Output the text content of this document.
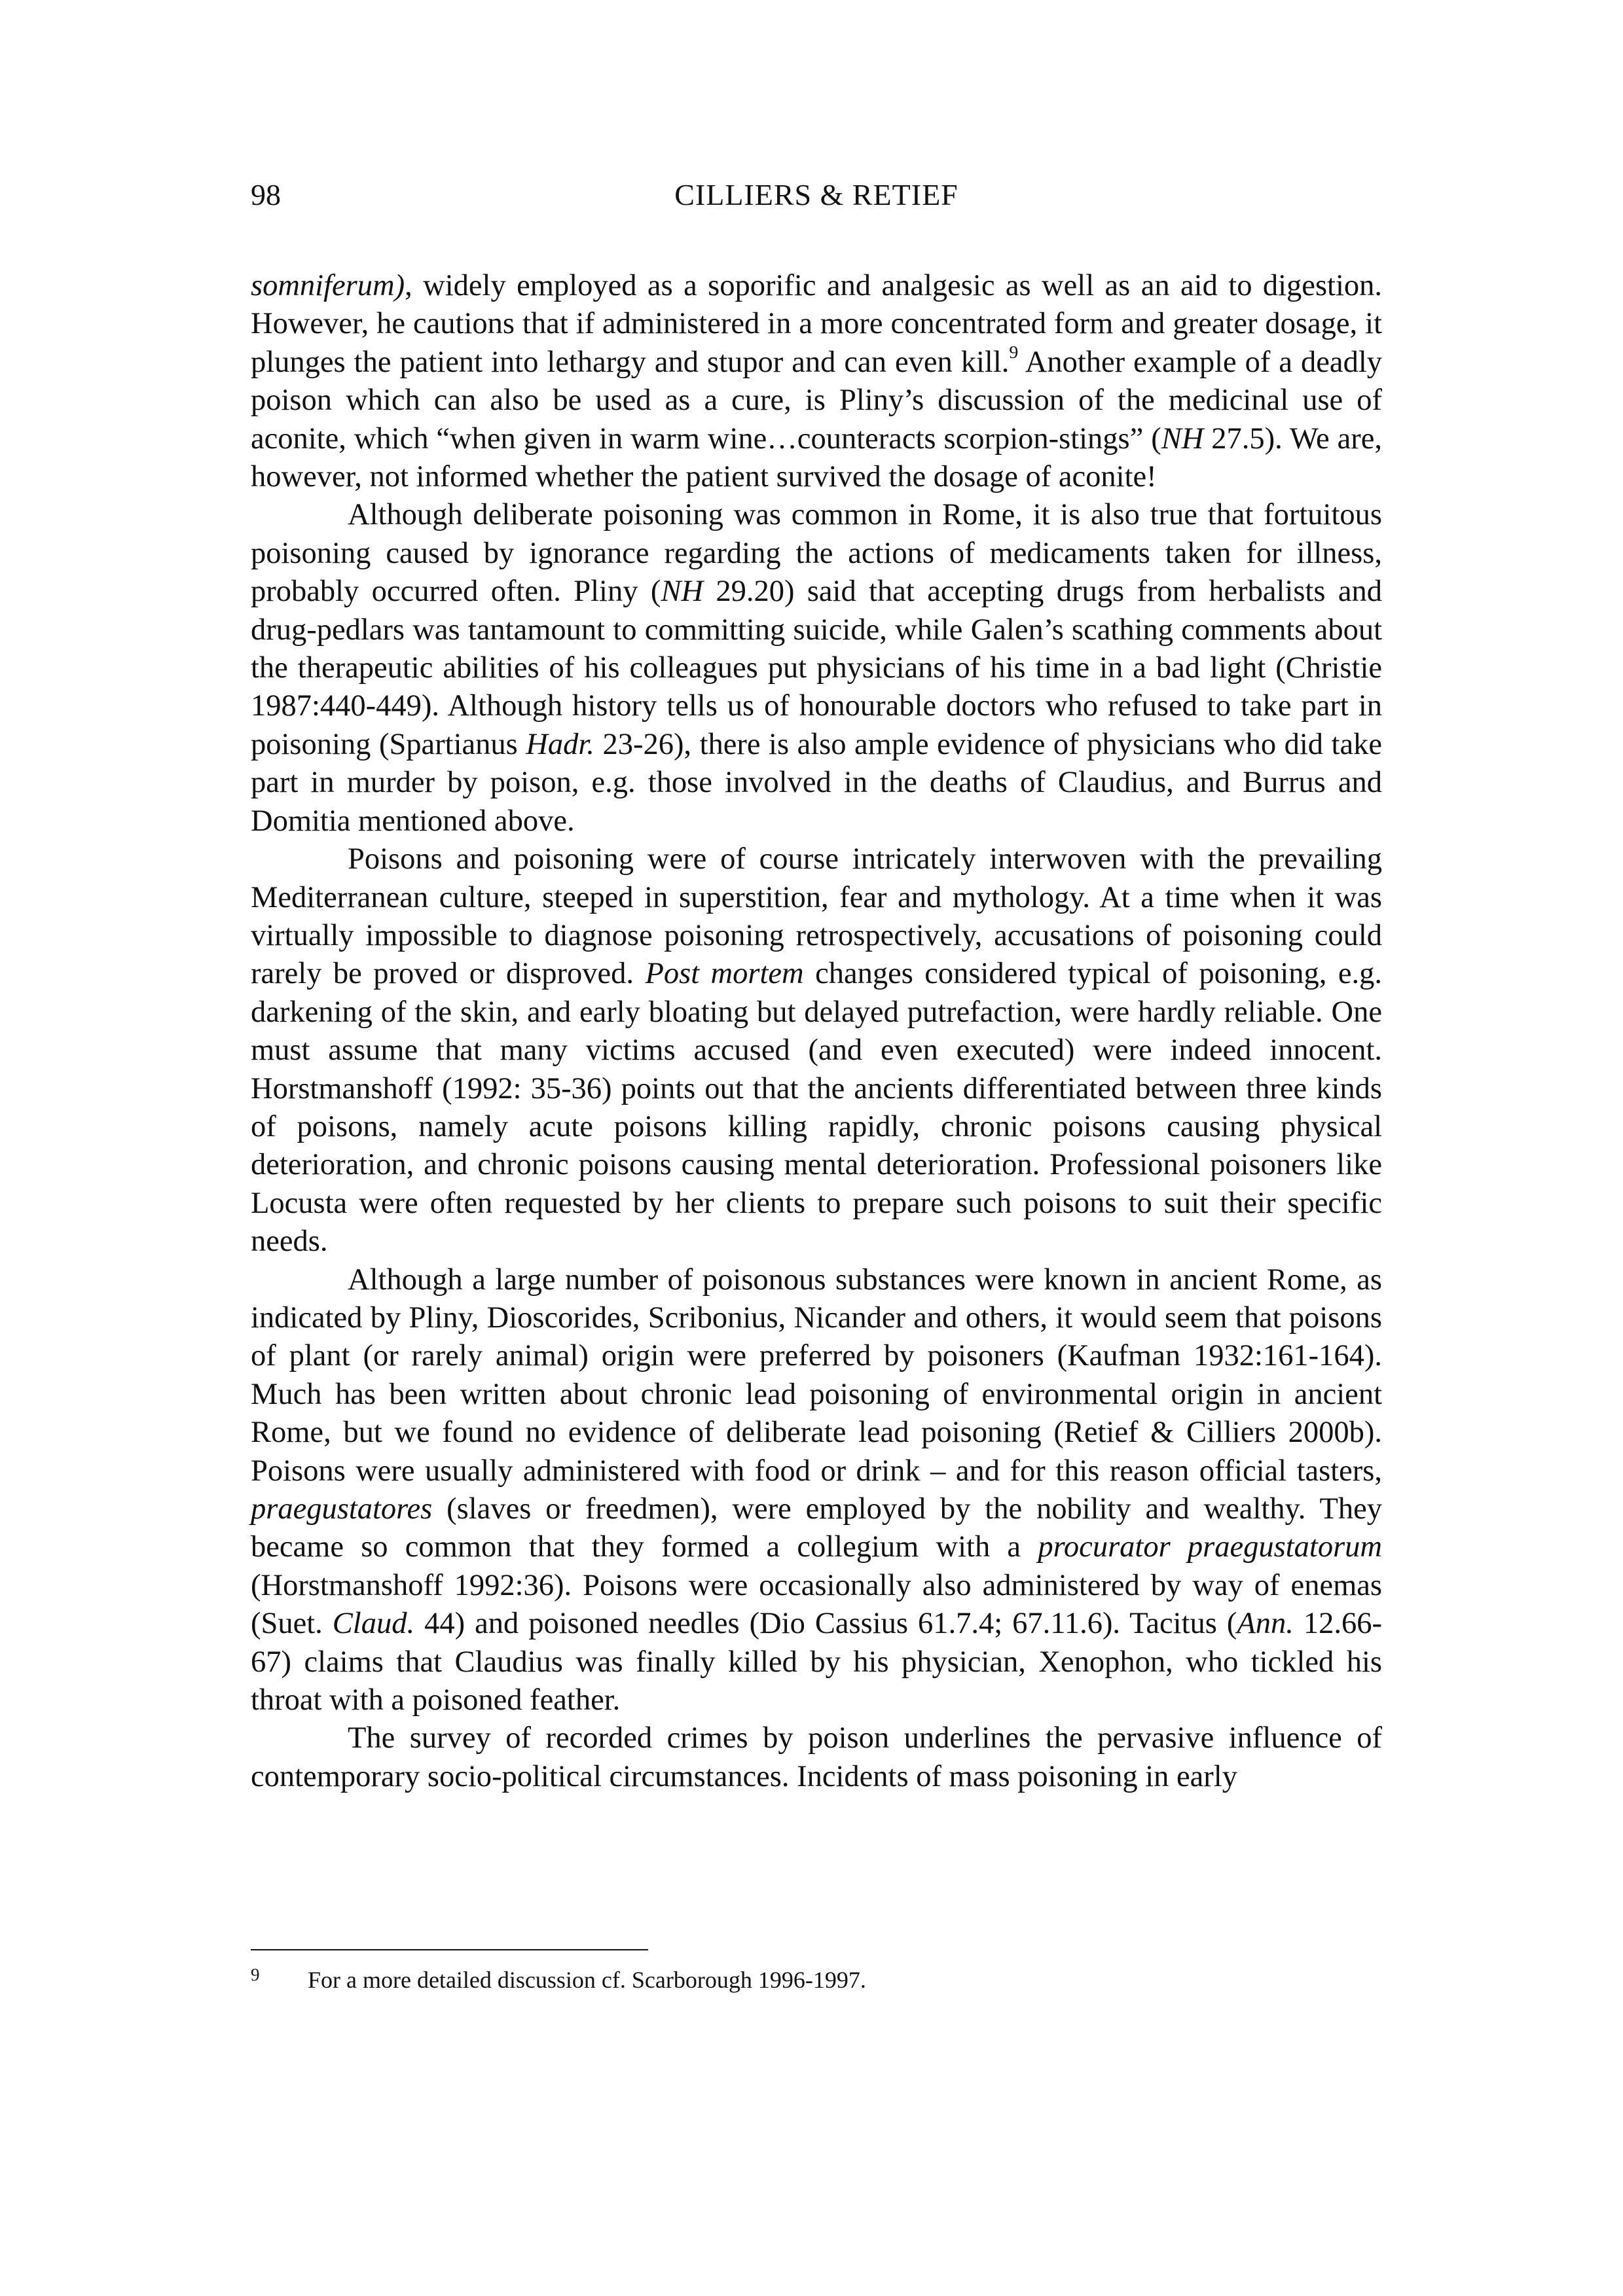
98	CILLIERS & RETIEF

somniferum), widely employed as a soporific and analgesic as well as an aid to digestion. However, he cautions that if administered in a more concentrated form and greater dosage, it plunges the patient into lethargy and stupor and can even kill.$^9$ Another example of a deadly poison which can also be used as a cure, is Pliny’s discussion of the medicinal use of aconite, which “when given in warm wine…counteracts scorpion-stings” (NH 27.5). We are, however, not informed whether the patient survived the dosage of aconite!

Although deliberate poisoning was common in Rome, it is also true that fortuitous poisoning caused by ignorance regarding the actions of medicaments taken for illness, probably occurred often. Pliny (NH 29.20) said that accepting drugs from herbalists and drug-pedlars was tantamount to committing suicide, while Galen’s scathing comments about the therapeutic abilities of his colleagues put physicians of his time in a bad light (Christie 1987:440-449). Although history tells us of honourable doctors who refused to take part in poisoning (Spartianus Hadr. 23-26), there is also ample evidence of physicians who did take part in murder by poison, e.g. those involved in the deaths of Claudius, and Burrus and Domitia mentioned above.

Poisons and poisoning were of course intricately interwoven with the prevailing Mediterranean culture, steeped in superstition, fear and mythology. At a time when it was virtually impossible to diagnose poisoning retrospectively, accusations of poisoning could rarely be proved or disproved. Post mortem changes considered typical of poisoning, e.g. darkening of the skin, and early bloating but delayed putrefaction, were hardly reliable. One must assume that many victims accused (and even executed) were indeed innocent. Horstmanshoff (1992: 35-36) points out that the ancients differentiated between three kinds of poisons, namely acute poisons killing rapidly, chronic poisons causing physical deterioration, and chronic poisons causing mental deterioration. Professional poisoners like Locusta were often requested by her clients to prepare such poisons to suit their specific needs.

Although a large number of poisonous substances were known in ancient Rome, as indicated by Pliny, Dioscorides, Scribonius, Nicander and others, it would seem that poisons of plant (or rarely animal) origin were preferred by poisoners (Kaufman 1932:161-164). Much has been written about chronic lead poisoning of environmental origin in ancient Rome, but we found no evidence of deliberate lead poisoning (Retief & Cilliers 2000b). Poisons were usually administered with food or drink – and for this reason official tasters, praegustatores (slaves or freedmen), were employed by the nobility and wealthy. They became so common that they formed a collegium with a procurator praegustatorum (Horstmanshoff 1992:36). Poisons were occasionally also administered by way of enemas (Suet. Claud. 44) and poisoned needles (Dio Cassius 61.7.4; 67.11.6). Tacitus (Ann. 12.66-67) claims that Claudius was finally killed by his physician, Xenophon, who tickled his throat with a poisoned feather.

The survey of recorded crimes by poison underlines the pervasive influence of contemporary socio-political circumstances. Incidents of mass poisoning in early

9 For a more detailed discussion cf. Scarborough 1996-1997.
